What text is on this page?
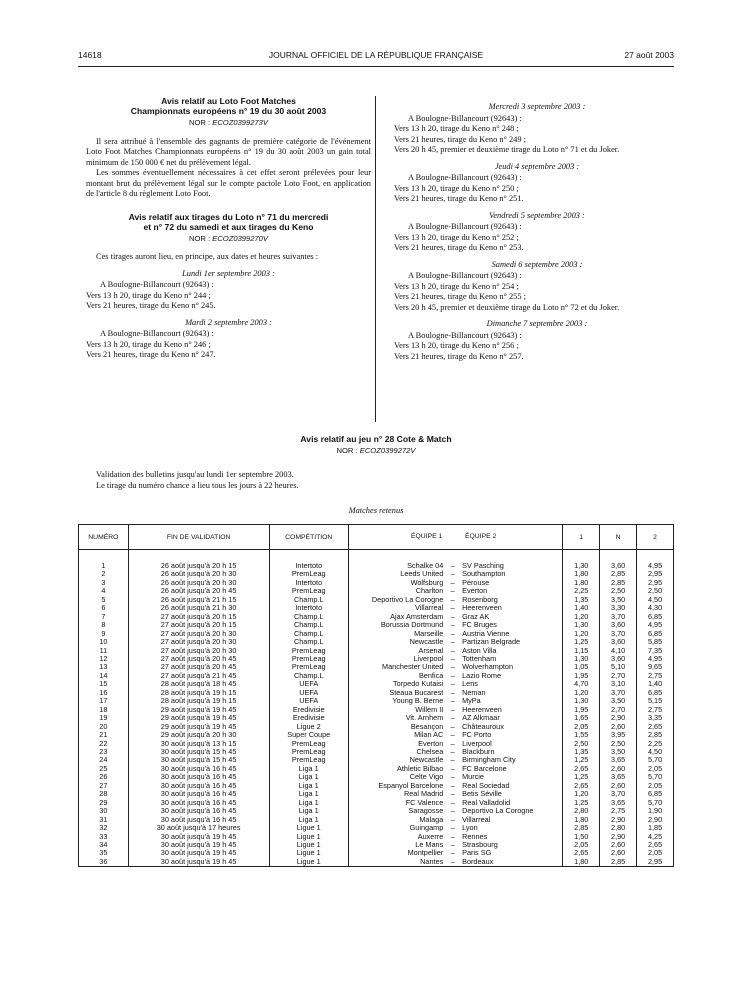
14618	JOURNAL OFFICIEL DE LA RÉPUBLIQUE FRANÇAISE	27 août 2003

Avis relatif au Loto Foot Matches

Championnats européens n° 19 du 30 août 2003

NOR : ECOZ0399273V

Il sera attribué à l'ensemble des gagnants de première catégorie de l'événement Loto Foot Matches Championnats européens n° 19 du 30 août 2003 un gain total minimum de 150 000 € net du prélèvement légal.

Les sommes éventuellement nécessaires à cet effet seront prélevées pour leur montant brut du prélèvement légal sur le compte pactole Loto Foot, en application de l'article 8 du règlement Loto Foot.

Avis relatif aux tirages du Loto n° 71 du mercredi

et n° 72 du samedi et aux tirages du Keno

NOR : ECOZ0399270V

Ces tirages auront lieu, en principe, aux dates et heures suivantes :

Lundi 1er septembre 2003 :

A Boulogne-Billancourt (92643) :

Vers 13 h 20, tirage du Keno n° 244 ;

Vers 21 heures, tirage du Keno n° 245.

Mardi 2 septembre 2003 :

A Boulogne-Billancourt (92643) :

Vers 13 h 20, tirage du Keno n° 246 ;

Vers 21 heures, tirage du Keno n° 247.

Mercredi 3 septembre 2003 :

A Boulogne-Billancourt (92643) :

Vers 13 h 20, tirage du Keno n° 248 ;

Vers 21 heures, tirage du Keno n° 249 ;

Vers 20 h 45, premier et deuxième tirage du Loto n° 71 et du Joker.

Jeudi 4 septembre 2003 :

A Boulogne-Billancourt (92643) :

Vers 13 h 20, tirage du Keno n° 250 ;

Vers 21 heures, tirage du Keno n° 251.

Vendredi 5 septembre 2003 :

A Boulogne-Billancourt (92643) :

Vers 13 h 20, tirage du Keno n° 252 ;

Vers 21 heures, tirage du Keno n° 253.

Samedi 6 septembre 2003 :

A Boulogne-Billancourt (92643) :

Vers 13 h 20, tirage du Keno n° 254 ;

Vers 21 heures, tirage du Keno n° 255 ;

Vers 20 h 45, premier et deuxième tirage du Loto n° 72 et du Joker.

Dimanche 7 septembre 2003 :

A Boulogne-Billancourt (92643) :

Vers 13 h 20, tirage du Keno n° 256 ;

Vers 21 heures, tirage du Keno n° 257.

Avis relatif au jeu n° 28 Cote & Match

NOR : ECOZ0399272V

Validation des bulletins jusqu'au lundi 1er septembre 2003.

Le tirage du numéro chance a lieu tous les jours à 22 heures.

Matches retenus
NUMÉRO	FIN DE VALIDATION	COMPÉTITION	ÉQUIPE 1 ÉQUIPE 2			1	N	2
1	26 août jusqu'à 20 h 15	Intertoto	Schalke 04	–	SV Pasching	1,30	3,60	4,95
2	26 août jusqu'à 20 h 30	PremLeag	Leeds United	–	Southampton	1,80	2,85	2,95
3	26 août jusqu'à 20 h 30	Intertoto	Wolfsburg	–	Pérouse	1,80	2,85	2,95
4	26 août jusqu'à 20 h 45	PremLeag	Charlton	–	Everton	2,25	2,50	2,50
5	26 août jusqu'à 21 h 15	Champ.L	Deportivo La Corogne	–	Rosenborg	1,35	3,50	4,50
6	26 août jusqu'à 21 h 30	Intertoto	Villarreal	–	Heerenveen	1,40	3,30	4,30
7	27 août jusqu'à 20 h 15	Champ.L	Ajax Amsterdam	–	Graz AK	1,20	3,70	6,85
8	27 août jusqu'à 20 h 15	Champ.L	Borussia Dortmund	–	FC Bruges	1,30	3,60	4,95
9	27 août jusqu'à 20 h 30	Champ.L	Marseille	–	Austria Vienne	1,20	3,70	6,85
10	27 août jusqu'à 20 h 30	Champ.L	Newcastle	–	Partizan Belgrade	1,25	3,60	5,85
11	27 août jusqu'à 20 h 30	PremLeag	Arsenal	–	Aston Villa	1,15	4,10	7,35
12	27 août jusqu'à 20 h 45	PremLeag	Liverpool	–	Tottenham	1,30	3,60	4,95
13	27 août jusqu'à 20 h 45	PremLeag	Manchester United	–	Wolverhampton	1,05	5,10	9,65
14	27 août jusqu'à 21 h 45	Champ.L	Benfica	–	Lazio Rome	1,95	2,70	2,75
15	28 août jusqu'à 18 h 45	UEFA	Torpedo Kutaisi	–	Lens	4,70	3,10	1,40
16	28 août jusqu'à 19 h 15	UEFA	Steaua Bucarest	–	Neman	1,20	3,70	6,85
17	28 août jusqu'à 19 h 15	UEFA	Young B. Berne	–	MyPa	1,30	3,50	5,15
18	29 août jusqu'à 19 h 45	Eredivisie	Willem II	–	Heerenveen	1,95	2,70	2,75
19	29 août jusqu'à 19 h 45	Eredivisie	Vit. Arnhem	–	AZ Alkmaar	1,65	2,90	3,35
20	29 août jusqu'à 19 h 45	Ligue 2	Besançon	–	Châteauroux	2,05	2,60	2,65
21	29 août jusqu'à 20 h 30	Super Coupe	Milan AC	–	FC Porto	1,55	3,95	2,85
22	30 août jusqu'à 13 h 15	PremLeag	Everton	–	Liverpool	2,50	2,50	2,25
23	30 août jusqu'à 15 h 45	PremLeag	Chelsea	–	Blackburn	1,35	3,50	4,50
24	30 août jusqu'à 15 h 45	PremLeag	Newcastle	–	Birmingham City	1,25	3,65	5,70
25	30 août jusqu'à 16 h 45	Liga 1	Athletic Bilbao	–	FC Barcelone	2,65	2,60	2,05
26	30 août jusqu'à 16 h 45	Liga 1	Celte Vigo	–	Murcie	1,25	3,65	5,70
27	30 août jusqu'à 16 h 45	Liga 1	Espanyol Barcelone	–	Real Sociedad	2,65	2,60	2,05
28	30 août jusqu'à 16 h 45	Liga 1	Real Madrid	–	Betis Séville	1,20	3,70	6,85
29	30 août jusqu'à 16 h 45	Liga 1	FC Valence	–	Real Valladolid	1,25	3,65	5,70
30	30 août jusqu'à 16 h 45	Liga 1	Saragosse	–	Deportivo La Corogne	2,80	2,75	1,90
31	30 août jusqu'à 16 h 45	Liga 1	Malaga	–	Villarreal	1,80	2,90	2,90
32	30 août jusqu'à 17 heures	Ligue 1	Guingamp	–	Lyon	2,85	2,80	1,85
33	30 août jusqu'à 19 h 45	Ligue 1	Auxerre	–	Rennes	1,50	2,90	4,25
34	30 août jusqu'à 19 h 45	Ligue 1	Le Mans	–	Strasbourg	2,05	2,60	2,65
35	30 août jusqu'à 19 h 45	Ligue 1	Montpellier	–	Paris SG	2,65	2,60	2,05
36	30 août jusqu'à 19 h 45	Ligue 1	Nantes	–	Bordeaux	1,80	2,85	2,95
